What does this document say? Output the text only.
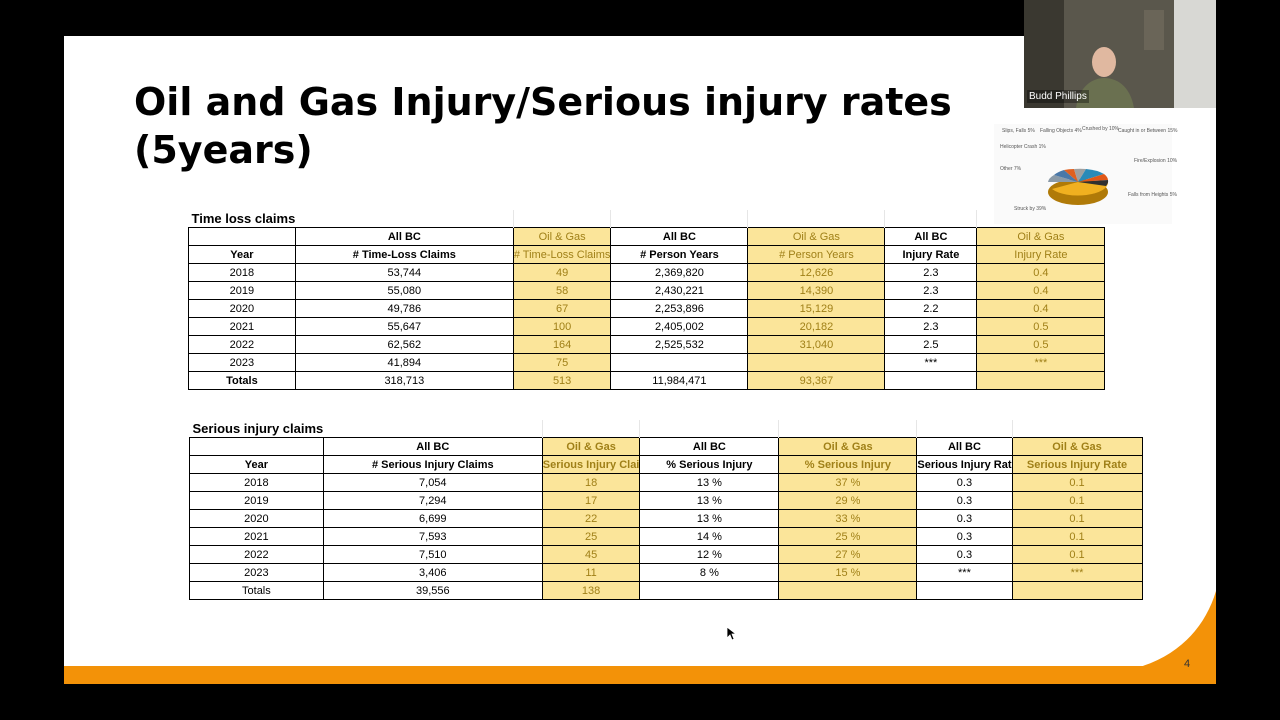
Oil and Gas Injury/Serious injury rates
(5years)	Slips, Falls 5% Falling Objects 4% Crushed by 10% Caught in or Between 15%
Helicopter Crash 1%
Fire/Explosion 10%
Other 7%
Falls from Heights 5%
Struck by 39%
Time loss claims						
	All BC	Oil & Gas	All BC	Oil & Gas	All BC	Oil & Gas
Year	# Time-Loss Claims	# Time-Loss Claims	# Person Years	# Person Years	Injury Rate	Injury Rate
2018	53,744	49	2,369,820	12,626	2.3	0.4
2019	55,080	58	2,430,221	14,390	2.3	0.4
2020	49,786	67	2,253,896	15,129	2.2	0.4
2021	55,647	100	2,405,002	20,182	2.3	0.5
2022	62,562	164	2,525,532	31,040	2.5	0.5
2023	41,894	75			***	***
Totals	318,713	513	11,984,471	93,367		
Serious injury claims						
	All BC	Oil & Gas	All BC	Oil & Gas	All BC	Oil & Gas
Year	# Serious Injury Claims	Serious Injury Clai	% Serious Injury	% Serious Injury	Serious Injury Rat	Serious Injury Rate
2018	7,054	18	13 %	37 %	0.3	0.1
2019	7,294	17	13 %	29 %	0.3	0.1
2020	6,699	22	13 %	33 %	0.3	0.1
2021	7,593	25	14 %	25 %	0.3	0.1
2022	7,510	45	12 %	27 %	0.3	0.1
2023	3,406	11	8 %	15 %	***	***
Totals	39,556	138				
4
Budd Phillips
